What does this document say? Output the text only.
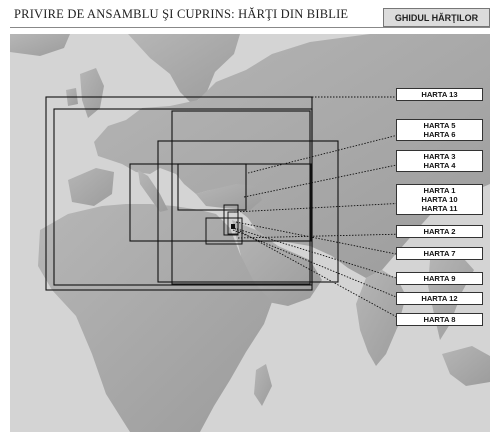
PRIVIRE DE ANSAMBLU ŞI CUPRINS: HĂRŢI DIN BIBLIE	GHIDUL HĂRŢILOR
HARTA 13
HARTA 5
HARTA 6
HARTA 3
HARTA 4
HARTA 1
HARTA 10
HARTA 11
HARTA 2
HARTA 7
HARTA 9
HARTA 12
HARTA 8
